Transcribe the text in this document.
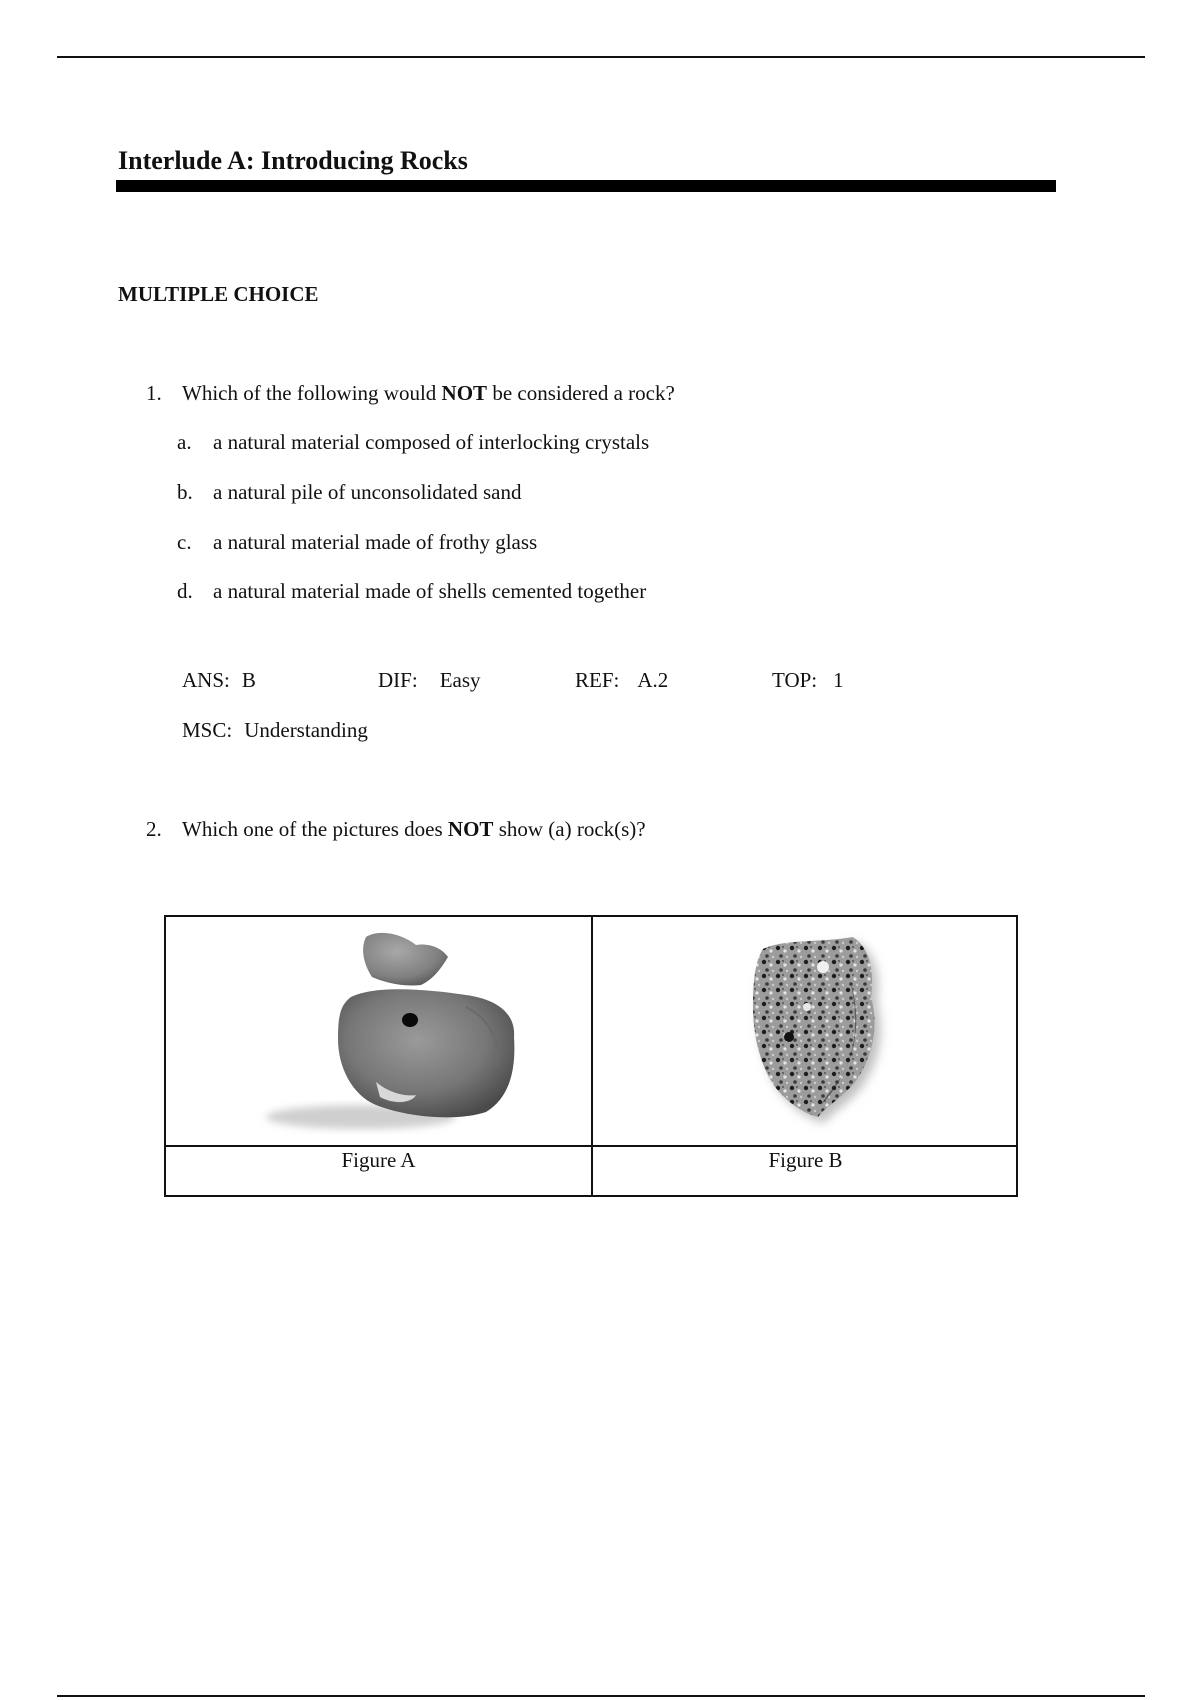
Interlude A: Introducing Rocks
MULTIPLE CHOICE
1. Which of the following would NOT be considered a rock?
a. a natural material composed of interlocking crystals
b. a natural pile of unconsolidated sand
c. a natural material made of frothy glass
d. a natural material made of shells cemented together
ANS: B	DIF: Easy	REF: A.2	TOP: 1
MSC: Understanding
2. Which one of the pictures does NOT show (a) rock(s)?
Figure A	Figure B
